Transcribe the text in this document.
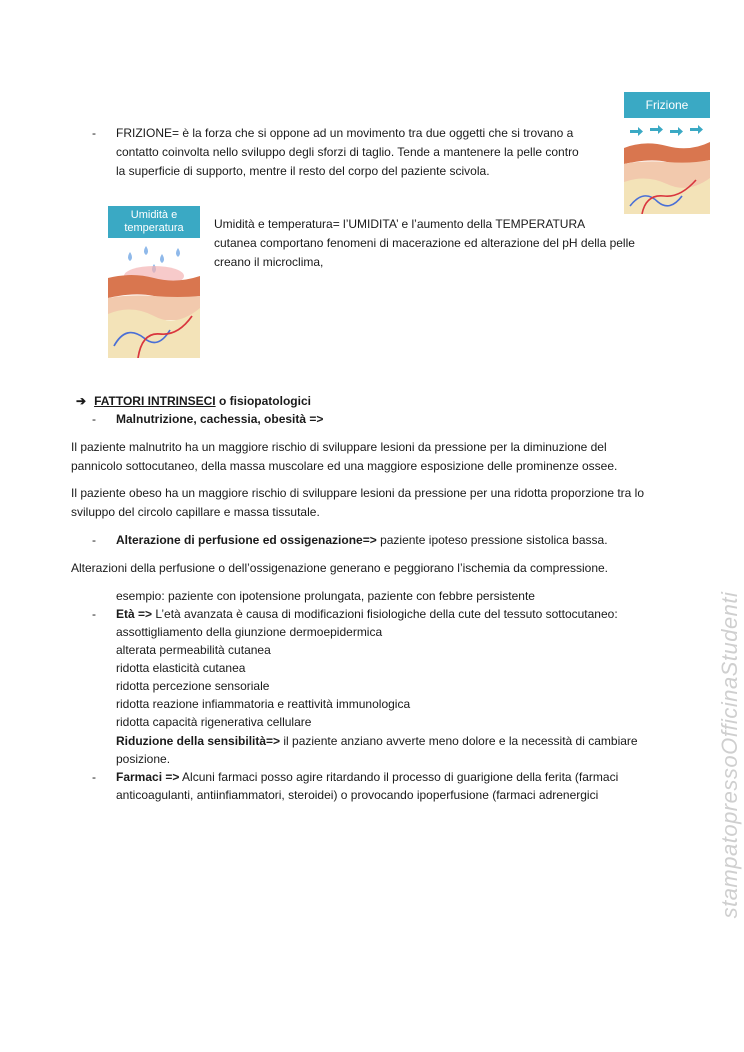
Frizione
- FRIZIONE= è la forza che si oppone ad un movimento tra due oggetti che si trovano a
contatto coinvolta nello sviluppo degli sforzi di taglio. Tende a mantenere la pelle contro
la superficie di supporto, mentre il resto del corpo del paziente scivola.
Umidità e
temperatura	Umidità e temperatura= l’UMIDITA’ e l’aumento della TEMPERATURA
cutanea comportano fenomeni di macerazione ed alterazione del pH della pelle
creano il microclima,
➔ FATTORI INTRINSECI o fisiopatologici
- Malnutrizione, cachessia, obesità =>
Il paziente malnutrito ha un maggiore rischio di sviluppare lesioni da pressione per la diminuzione del
pannicolo sottocutaneo, della massa muscolare ed una maggiore esposizione delle prominenze ossee.
Il paziente obeso ha un maggiore rischio di sviluppare lesioni da pressione per una ridotta proporzione tra lo
sviluppo del circolo capillare e massa tissutale.
- Alterazione di perfusione ed ossigenazione=> paziente ipoteso pressione sistolica bassa.
Alterazioni della perfusione o dell’ossigenazione generano e peggiorano l’ischemia da compressione.
esempio: paziente con ipotensione prolungata, paziente con febbre persistente
- Età => L’età avanzata è causa di modificazioni fisiologiche della cute del tessuto sottocutaneo:
assottigliamento della giunzione dermoepidermica
alterata permeabilità cutanea
ridotta elasticità cutanea
ridotta percezione sensoriale
ridotta reazione infiammatoria e reattività immunologica
ridotta capacità rigenerativa cellulare
Riduzione della sensibilità=> il paziente anziano avverte meno dolore e la necessità di cambiare
posizione.
- Farmaci => Alcuni farmaci posso agire ritardando il processo di guarigione della ferita (farmaci
anticoagulanti, antiinfiammatori, steroidei) o provocando ipoperfusione (farmaci adrenergici	stampatopressoOfficinaStudenti
